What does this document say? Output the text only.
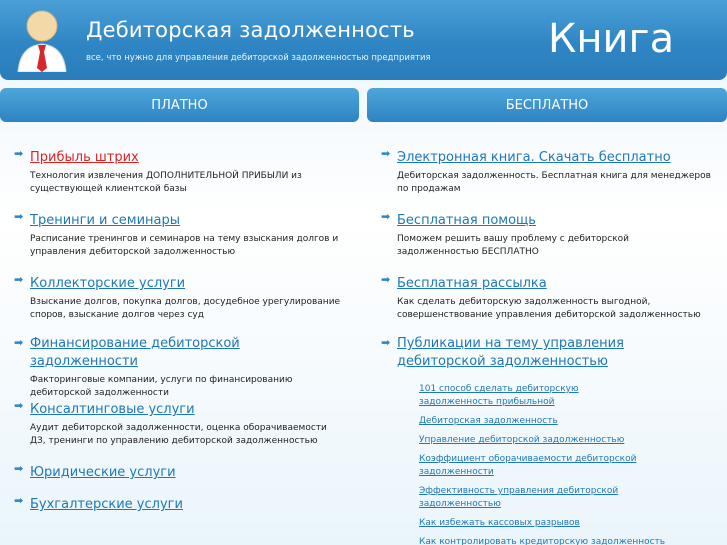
Дебиторская задолженность
все, что нужно для управления дебиторской задолженностью предприятия	Книга
ПЛАТНО	БЕСПЛАТНО
➡ Прибыль штрих
Технология извлечения ДОПОЛНИТЕЛЬНОЙ ПРИБЫЛИ из существующей клиентской базы
➡ Тренинги и семинары
Расписание тренингов и семинаров на тему взыскания долгов и управления дебиторской задолженностью
➡ Коллекторские услуги
Взыскание долгов, покупка долгов, досудебное урегулирование споров, взыскание долгов через суд
➡ Финансирование дебиторской задолженности
Факторинговые компании, услуги по финансированию дебиторской задолженности
➡ Консалтинговые услуги
Аудит дебиторской задолженности, оценка оборачиваемости ДЗ, тренинги по управлению дебиторской задолженностью
➡ Юридические услуги
➡ Бухгалтерские услуги
➡ Электронная книга. Скачать бесплатно
Дебиторская задолженность. Бесплатная книга для менеджеров по продажам
➡ Бесплатная помощь
Поможем решить вашу проблему с дебиторской задолженностью БЕСПЛАТНО
➡ Бесплатная рассылка
Как сделать дебиторскую задолженность выгодной, совершенствование управления дебиторской задолженностью
➡ Публикации на тему управления дебиторской задолженностью
101 способ сделать дебиторскую задолженность прибыльной
Дебиторская задолженность
Управление дебиторской задолженностью
Коэффициент оборачиваемости дебиторской задолженности
Эффективность управления дебиторской задолженностью
Как избежать кассовых разрывов
Как контролировать кредиторскую задолженность
